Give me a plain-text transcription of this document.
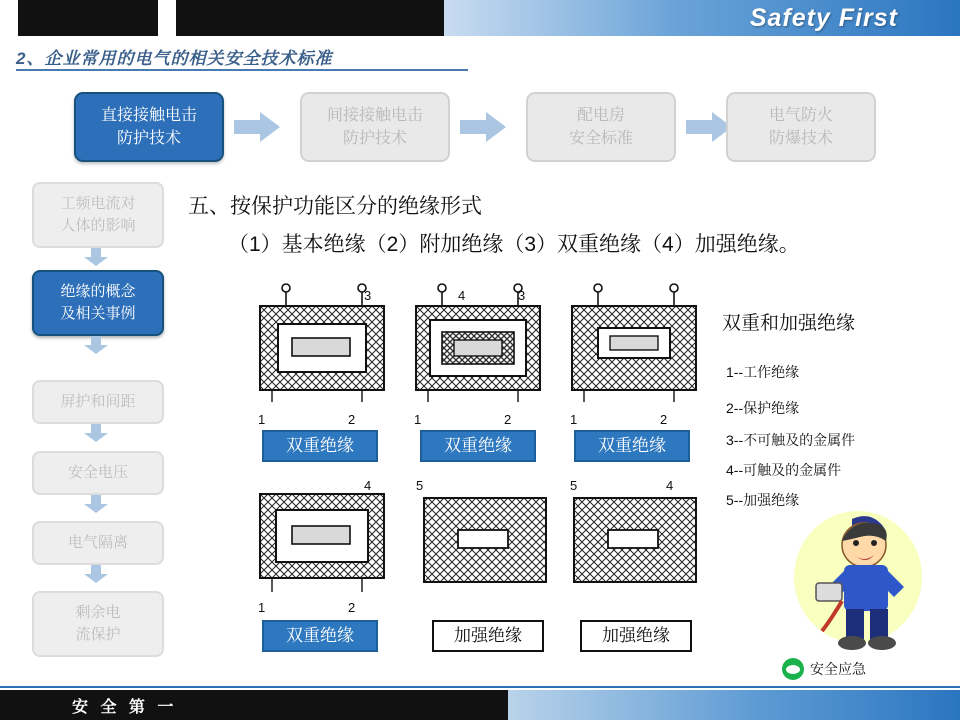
Safety First
2、企业常用的电气的相关安全技术标准
直接接触电击
防护技术
间接接触电击
防护技术
配电房
安全标准
电气防火
防爆技术
工频电流对
人体的影响
绝缘的概念
及相关事例
屏护和间距
安全电压
电气隔离
剩余电
流保护
五、按保护功能区分的绝缘形式
（1）基本绝缘（2）附加绝缘（3）双重绝缘（4）加强绝缘。
3
1	2
双重绝缘
4	3
1	2
双重绝缘
1	2
双重绝缘
4
1	2
双重绝缘
5
加强绝缘
5	4
加强绝缘
双重和加强绝缘
1--工作绝缘
2--保护绝缘
3--不可触及的金属件
4--可触及的金属件
5--加强绝缘
安全应急
安 全 第 一
